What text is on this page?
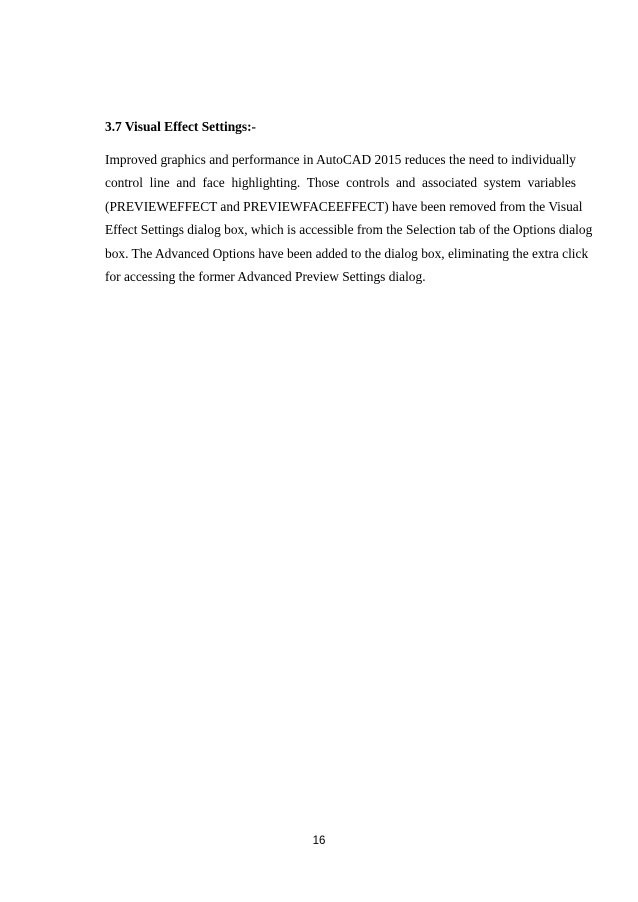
3.7 Visual Effect Settings:-
Improved graphics and performance in AutoCAD 2015 reduces the need to individually
control line and face highlighting. Those controls and associated system variables
(PREVIEWEFFECT and PREVIEWFACEEFFECT) have been removed from the Visual
Effect Settings dialog box, which is accessible from the Selection tab of the Options dialog
box. The Advanced Options have been added to the dialog box, eliminating the extra click
for accessing the former Advanced Preview Settings dialog.

16
